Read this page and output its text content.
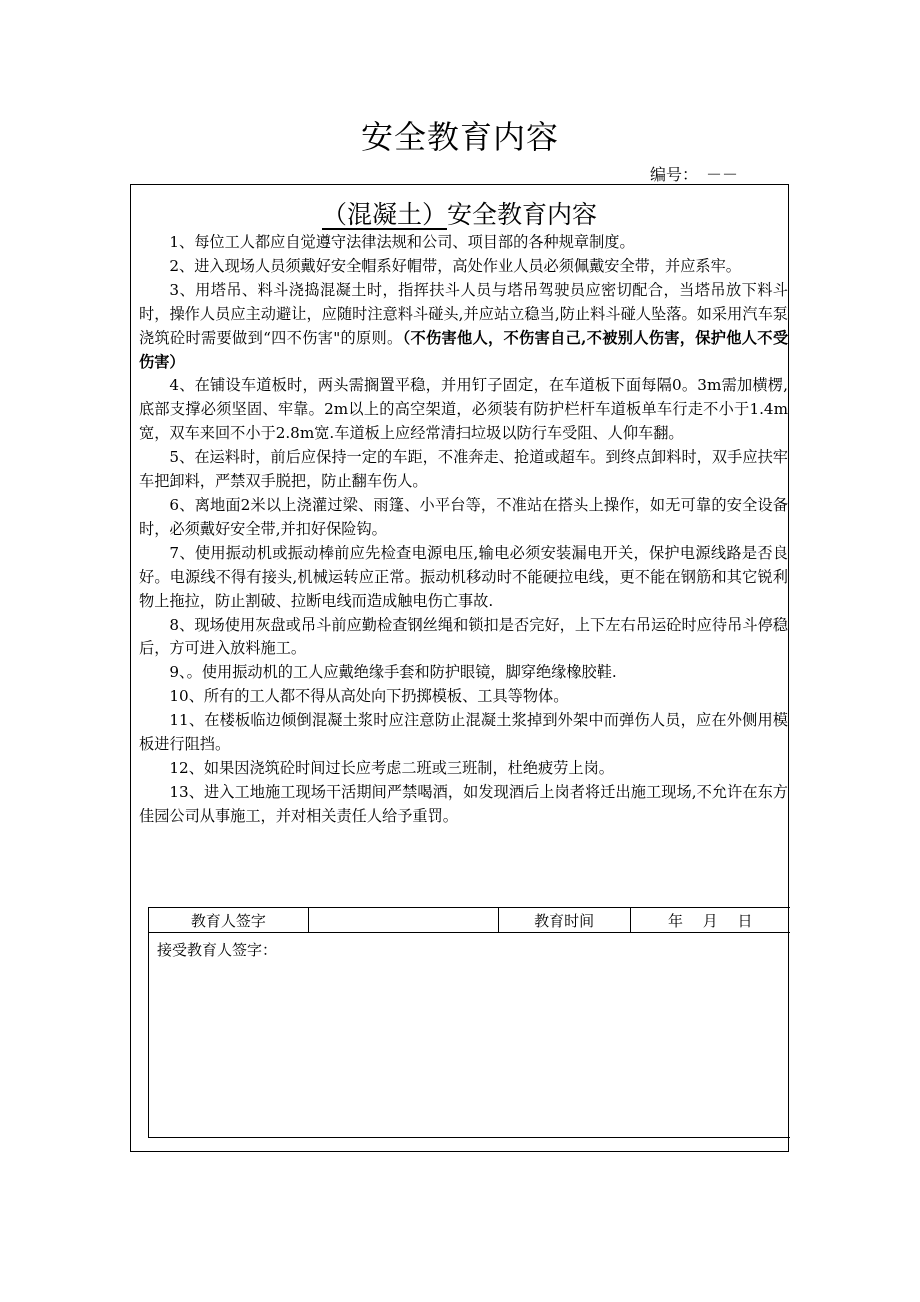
安全教育内容
编号：　－－
（混凝土）安全教育内容

1、每位工人都应自觉遵守法律法规和公司、项目部的各种规章制度。

2、进入现场人员须戴好安全帽系好帽带，高处作业人员必须佩戴安全带，并应系牢。

3、用塔吊、料斗浇捣混凝土时，指挥扶斗人员与塔吊驾驶员应密切配合，当塔吊放下料斗时，操作人员应主动避让，应随时注意料斗碰头,并应站立稳当,防止料斗碰人坠落。如采用汽车泵浇筑砼时需要做到“四不伤害"的原则。（不伤害他人，不伤害自己,不被别人伤害，保护他人不受伤害）

4、在铺设车道板时，两头需搁置平稳，并用钉子固定，在车道板下面每隔0。3m需加横楞,底部支撑必须坚固、牢靠。2m以上的高空架道，必须装有防护栏杆车道板单车行走不小于1.4m宽，双车来回不小于2.8m宽.车道板上应经常清扫垃圾以防行车受阻、人仰车翻。

5、在运料时，前后应保持一定的车距，不准奔走、抢道或超车。到终点卸料时，双手应扶牢车把卸料，严禁双手脱把，防止翻车伤人。

6、离地面2米以上浇灌过梁、雨篷、小平台等，不准站在搭头上操作，如无可靠的安全设备时，必须戴好安全带,并扣好保险钩。

7、使用振动机或振动棒前应先检查电源电压,输电必须安装漏电开关，保护电源线路是否良好。电源线不得有接头,机械运转应正常。振动机移动时不能硬拉电线，更不能在钢筋和其它锐利物上拖拉，防止割破、拉断电线而造成触电伤亡事故.

8、现场使用灰盘或吊斗前应勤检查钢丝绳和锁扣是否完好，上下左右吊运砼时应待吊斗停稳后，方可进入放料施工。

9、。使用振动机的工人应戴绝缘手套和防护眼镜，脚穿绝缘橡胶鞋.

10、所有的工人都不得从高处向下扔掷模板、工具等物体。

11、在楼板临边倾倒混凝土浆时应注意防止混凝土浆掉到外架中而弹伤人员，应在外侧用模板进行阻挡。

12、如果因浇筑砼时间过长应考虑二班或三班制，杜绝疲劳上岗。

13、进入工地施工现场干活期间严禁喝酒，如发现酒后上岗者将迁出施工现场,不允许在东方佳园公司从事施工，并对相关责任人给予重罚。

教育人签字		教育时间	年　 月　 日
接受教育人签字：
